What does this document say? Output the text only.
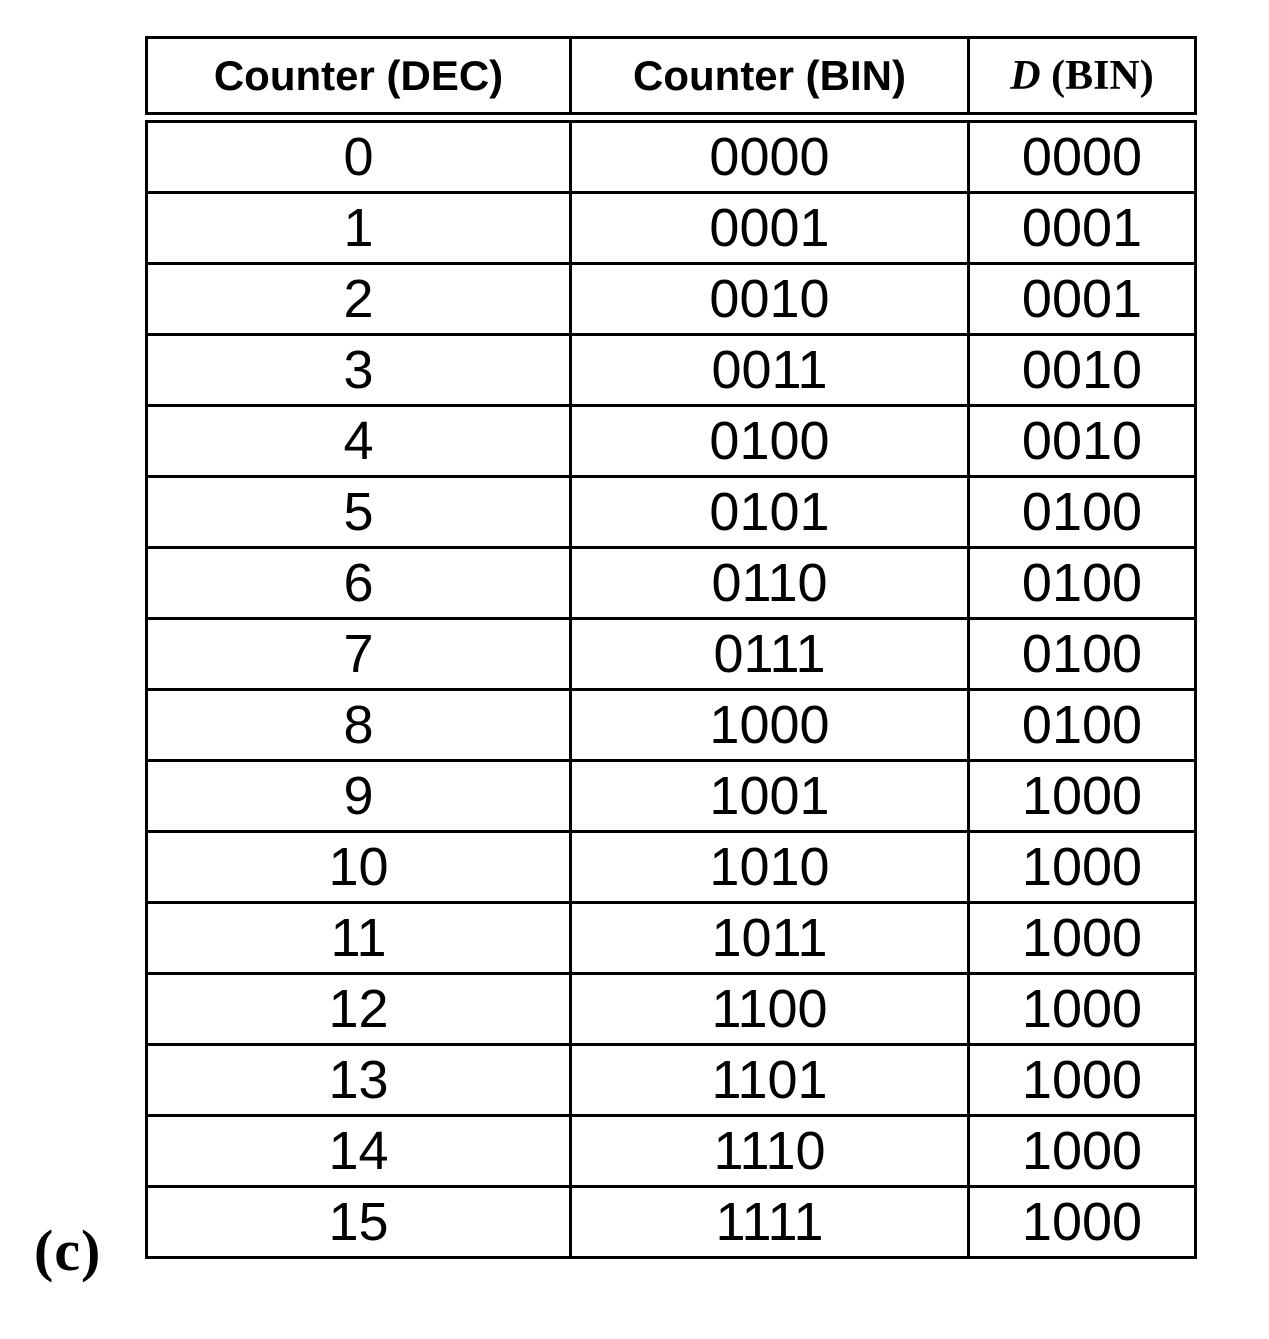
(c)
Counter (DEC)	Counter (BIN)	D (BIN)

0	0000	0000
1	0001	0001
2	0010	0001
3	0011	0010
4	0100	0010
5	0101	0100
6	0110	0100
7	0111	0100
8	1000	0100
9	1001	1000
10	1010	1000
11	1011	1000
12	1100	1000
13	1101	1000
14	1110	1000
15	1111	1000
